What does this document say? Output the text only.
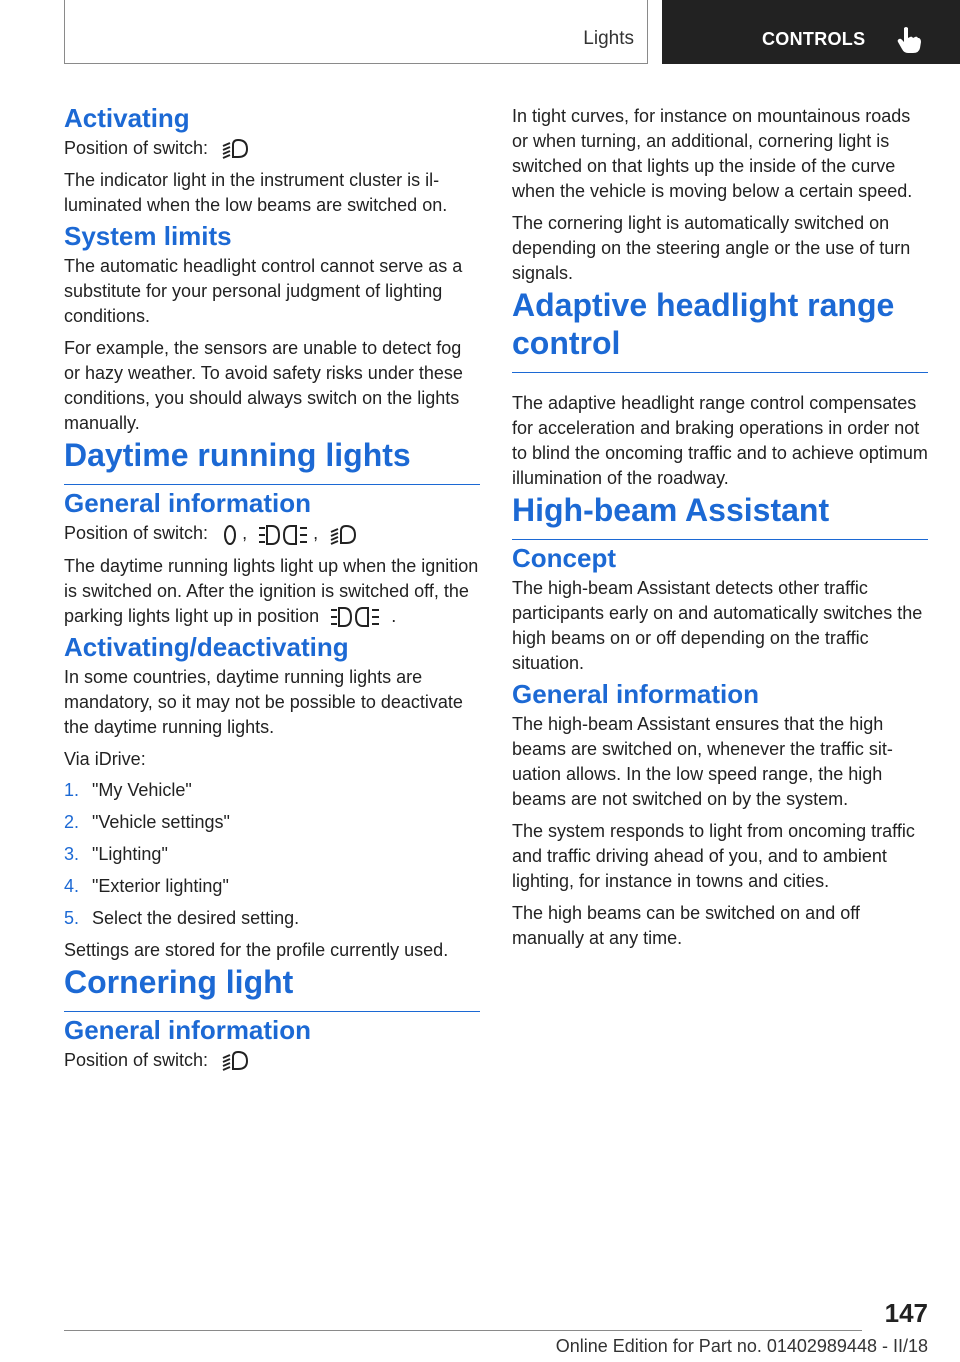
Lights	CONTROLS
Activating

Position of switch:

The indicator light in the instrument cluster is illuminated when the low beams are switched on.

System limits

The automatic headlight control cannot serve as a substitute for your personal judgment of lighting conditions.

For example, the sensors are unable to detect fog or hazy weather. To avoid safety risks under these conditions, you should always switch on the lights manually.

Daytime running lights
General information

Position of switch: ,	,

The daytime running lights light up when the ignition is switched on. After the ignition is switched off, the parking lights light up in position	.

Activating/deactivating

In some countries, daytime running lights are mandatory, so it may not be possible to deactivate the daytime running lights.

Via iDrive:

1. "My Vehicle"
2. "Vehicle settings"
3. "Lighting"
4. "Exterior lighting"
5. Select the desired setting.

Settings are stored for the profile currently used.

Cornering light
General information

Position of switch:

In tight curves, for instance on mountainous roads or when turning, an additional, cornering light is switched on that lights up the inside of the curve when the vehicle is moving below a certain speed.

The cornering light is automatically switched on depending on the steering angle or the use of turn signals.

Adaptive headlight range control

The adaptive headlight range control compensates for acceleration and braking operations in order not to blind the oncoming traffic and to achieve optimum illumination of the roadway.

High-beam Assistant
Concept

The high-beam Assistant detects other traffic participants early on and automatically switches the high beams on or off depending on the traffic situation.

General information

The high-beam Assistant ensures that the high beams are switched on, whenever the traffic situation allows. In the low speed range, the high beams are not switched on by the system.

The system responds to light from oncoming traffic and traffic driving ahead of you, and to ambient lighting, for instance in towns and cities.

The high beams can be switched on and off manually at any time.

147
Online Edition for Part no. 01402989448 - II/18
